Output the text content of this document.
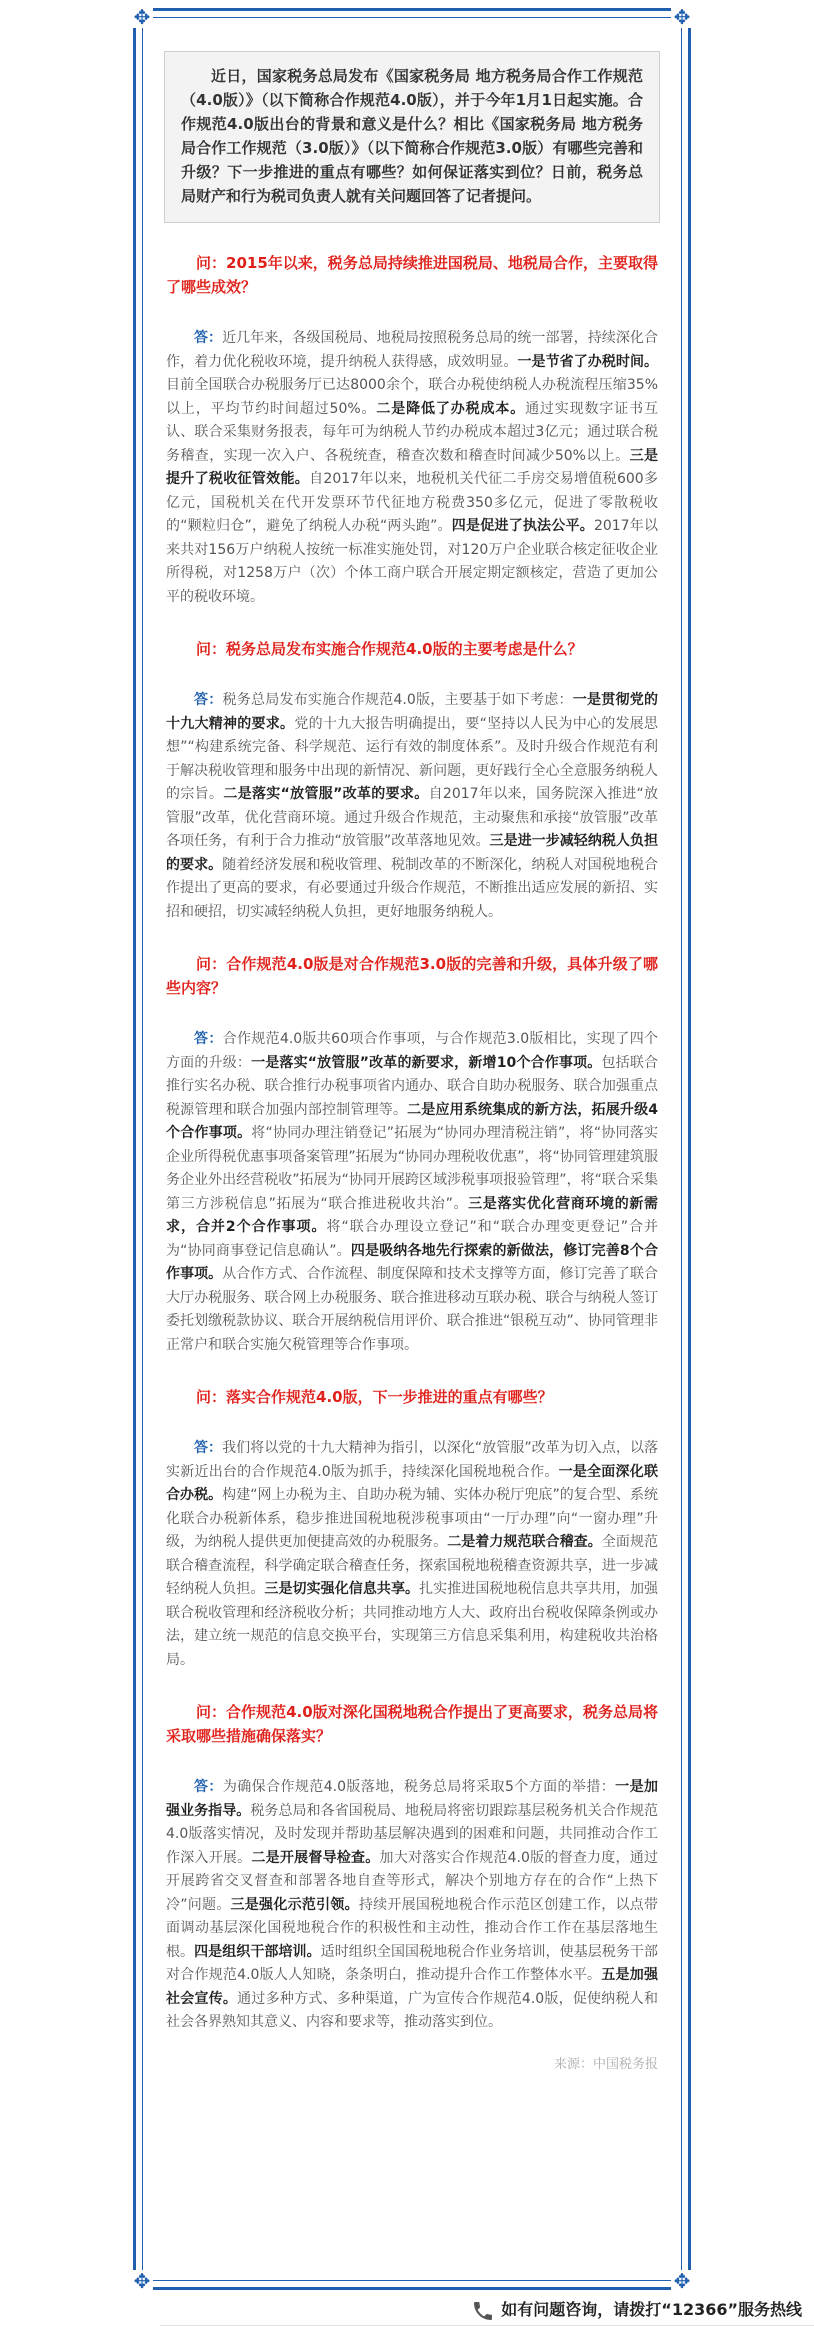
✥	✥
✥	✥
近日，国家税务总局发布《国家税务局 地方税务局合作工作规范（4.0版）》（以下简称合作规范4.0版），并于今年1月1日起实施。合作规范4.0版出台的背景和意义是什么？相比《国家税务局 地方税务局合作工作规范（3.0版）》（以下简称合作规范3.0版）有哪些完善和升级？下一步推进的重点有哪些？如何保证落实到位？日前，税务总局财产和行为税司负责人就有关问题回答了记者提问。
问：2015年以来，税务总局持续推进国税局、地税局合作，主要取得了哪些成效？
答：近几年来，各级国税局、地税局按照税务总局的统一部署，持续深化合作，着力优化税收环境，提升纳税人获得感，成效明显。一是节省了办税时间。目前全国联合办税服务厅已达8000余个，联合办税使纳税人办税流程压缩35%以上，平均节约时间超过50%。二是降低了办税成本。通过实现数字证书互认、联合采集财务报表，每年可为纳税人节约办税成本超过3亿元；通过联合税务稽查，实现一次入户、各税统查，稽查次数和稽查时间减少50%以上。三是提升了税收征管效能。自2017年以来，地税机关代征二手房交易增值税600多亿元，国税机关在代开发票环节代征地方税费350多亿元，促进了零散税收的“颗粒归仓”，避免了纳税人办税“两头跑”。四是促进了执法公平。2017年以来共对156万户纳税人按统一标准实施处罚，对120万户企业联合核定征收企业所得税，对1258万户（次）个体工商户联合开展定期定额核定，营造了更加公平的税收环境。
问：税务总局发布实施合作规范4.0版的主要考虑是什么？
答：税务总局发布实施合作规范4.0版，主要基于如下考虑：一是贯彻党的十九大精神的要求。党的十九大报告明确提出，要“坚持以人民为中心的发展思想”“构建系统完备、科学规范、运行有效的制度体系”。及时升级合作规范有利于解决税收管理和服务中出现的新情况、新问题，更好践行全心全意服务纳税人的宗旨。二是落实“放管服”改革的要求。自2017年以来，国务院深入推进“放管服”改革，优化营商环境。通过升级合作规范，主动聚焦和承接“放管服”改革各项任务，有利于合力推动“放管服”改革落地见效。三是进一步减轻纳税人负担的要求。随着经济发展和税收管理、税制改革的不断深化，纳税人对国税地税合作提出了更高的要求，有必要通过升级合作规范，不断推出适应发展的新招、实招和硬招，切实减轻纳税人负担，更好地服务纳税人。
问：合作规范4.0版是对合作规范3.0版的完善和升级，具体升级了哪些内容？
答：合作规范4.0版共60项合作事项，与合作规范3.0版相比，实现了四个方面的升级：一是落实“放管服”改革的新要求，新增10个合作事项。包括联合推行实名办税、联合推行办税事项省内通办、联合自助办税服务、联合加强重点税源管理和联合加强内部控制管理等。二是应用系统集成的新方法，拓展升级4个合作事项。将“协同办理注销登记”拓展为“协同办理清税注销”，将“协同落实企业所得税优惠事项备案管理”拓展为“协同办理税收优惠”，将“协同管理建筑服务企业外出经营税收”拓展为“协同开展跨区域涉税事项报验管理”，将“联合采集第三方涉税信息”拓展为“联合推进税收共治”。三是落实优化营商环境的新需求，合并2个合作事项。将“联合办理设立登记”和“联合办理变更登记”合并为“协同商事登记信息确认”。四是吸纳各地先行探索的新做法，修订完善8个合作事项。从合作方式、合作流程、制度保障和技术支撑等方面，修订完善了联合大厅办税服务、联合网上办税服务、联合推进移动互联办税、联合与纳税人签订委托划缴税款协议、联合开展纳税信用评价、联合推进“银税互动”、协同管理非正常户和联合实施欠税管理等合作事项。
问：落实合作规范4.0版，下一步推进的重点有哪些？
答：我们将以党的十九大精神为指引，以深化“放管服”改革为切入点，以落实新近出台的合作规范4.0版为抓手，持续深化国税地税合作。一是全面深化联合办税。构建“网上办税为主、自助办税为辅、实体办税厅兜底”的复合型、系统化联合办税新体系，稳步推进国税地税涉税事项由“一厅办理”向“一窗办理”升级，为纳税人提供更加便捷高效的办税服务。二是着力规范联合稽查。全面规范联合稽查流程，科学确定联合稽查任务，探索国税地税稽查资源共享，进一步减轻纳税人负担。三是切实强化信息共享。扎实推进国税地税信息共享共用，加强联合税收管理和经济税收分析；共同推动地方人大、政府出台税收保障条例或办法，建立统一规范的信息交换平台，实现第三方信息采集利用，构建税收共治格局。
问：合作规范4.0版对深化国税地税合作提出了更高要求，税务总局将采取哪些措施确保落实？
答：为确保合作规范4.0版落地，税务总局将采取5个方面的举措：一是加强业务指导。税务总局和各省国税局、地税局将密切跟踪基层税务机关合作规范4.0版落实情况，及时发现并帮助基层解决遇到的困难和问题，共同推动合作工作深入开展。二是开展督导检查。加大对落实合作规范4.0版的督查力度，通过开展跨省交叉督查和部署各地自查等形式，解决个别地方存在的合作“上热下冷”问题。三是强化示范引领。持续开展国税地税合作示范区创建工作，以点带面调动基层深化国税地税合作的积极性和主动性，推动合作工作在基层落地生根。四是组织干部培训。适时组织全国国税地税合作业务培训，使基层税务干部对合作规范4.0版人人知晓，条条明白，推动提升合作工作整体水平。五是加强社会宣传。通过多种方式、多种渠道，广为宣传合作规范4.0版，促使纳税人和社会各界熟知其意义、内容和要求等，推动落实到位。
来源：中国税务报
如有问题咨询，请拨打“12366”服务热线
